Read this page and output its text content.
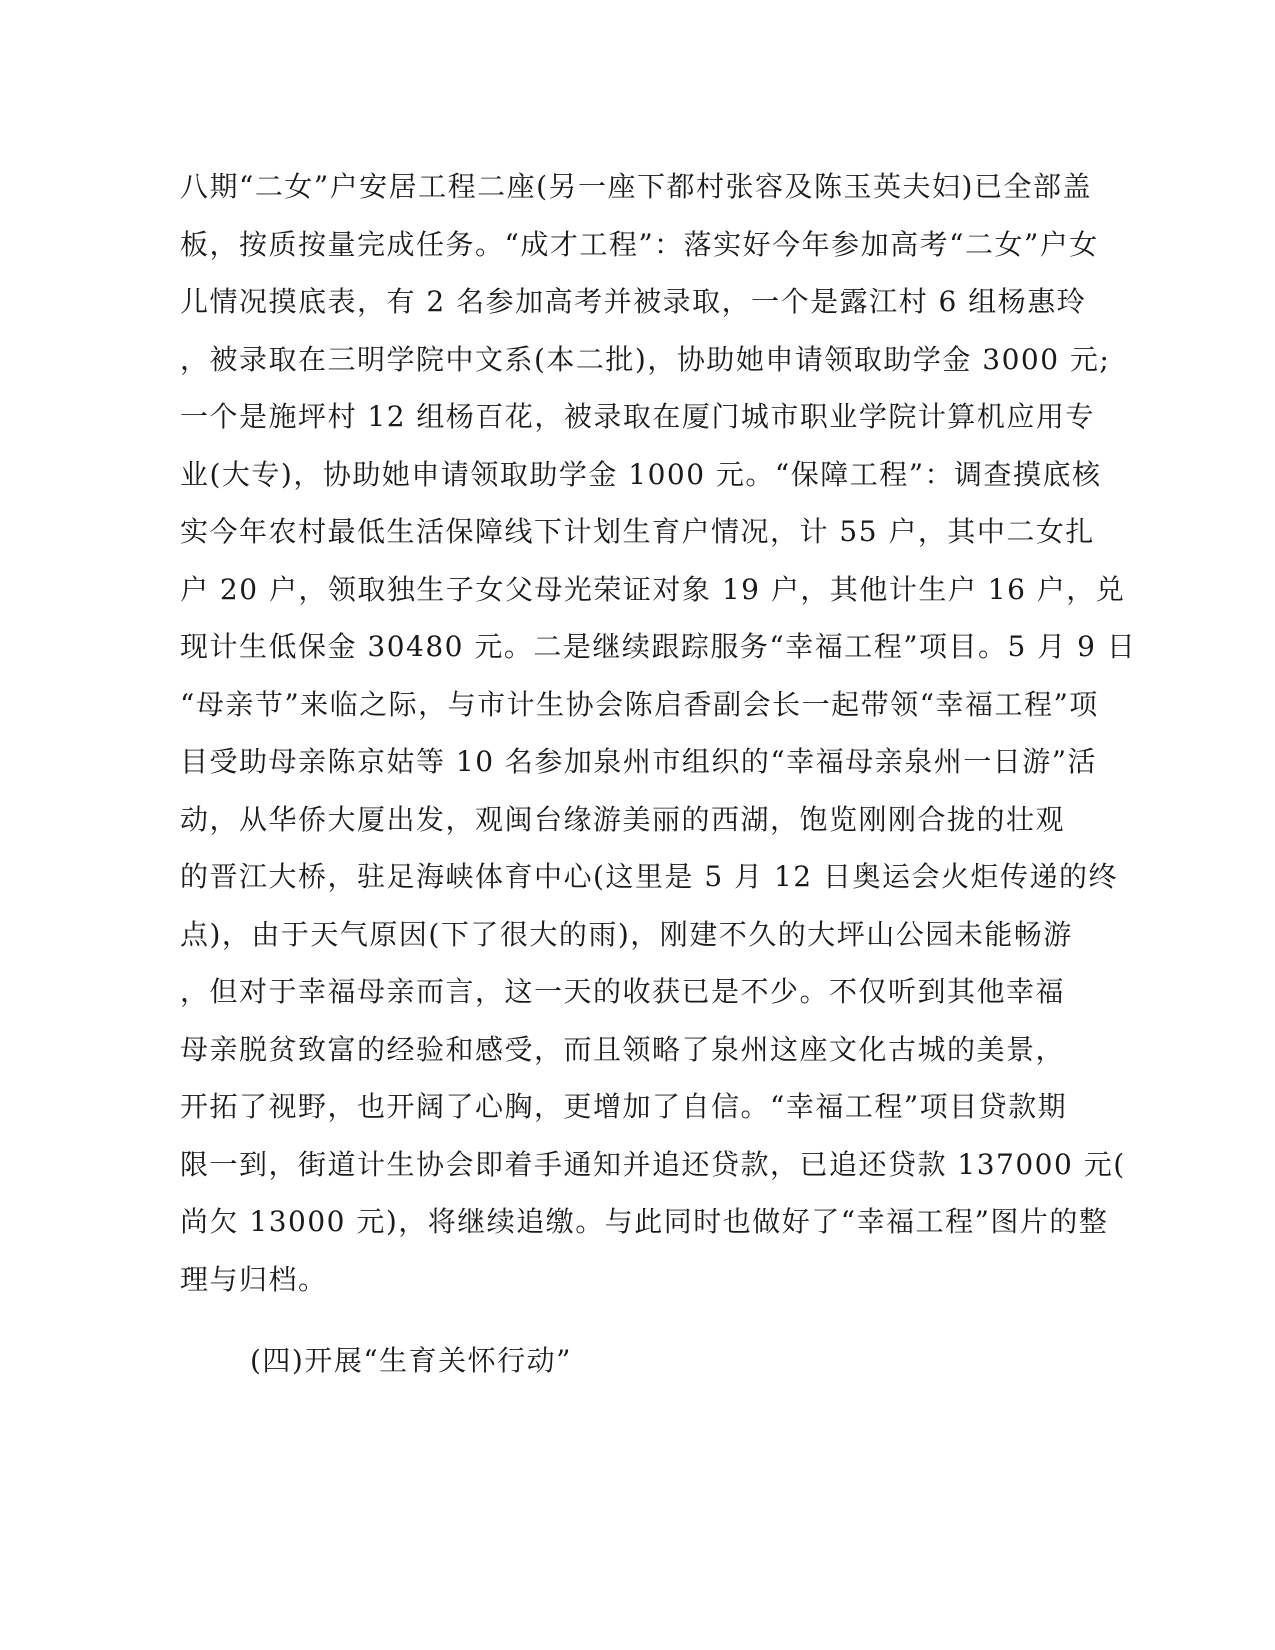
八期“二女”户安居工程二座(另一座下都村张容及陈玉英夫妇)已全部盖
板，按质按量完成任务。“成才工程”：落实好今年参加高考“二女”户女
儿情况摸底表，有 2 名参加高考并被录取，一个是露江村 6 组杨惠玲
，被录取在三明学院中文系(本二批)，协助她申请领取助学金 3000 元;
一个是施坪村 12 组杨百花，被录取在厦门城市职业学院计算机应用专
业(大专)，协助她申请领取助学金 1000 元。“保障工程”：调查摸底核
实今年农村最低生活保障线下计划生育户情况，计 55 户，其中二女扎
户 20 户，领取独生子女父母光荣证对象 19 户，其他计生户 16 户，兑
现计生低保金 30480 元。二是继续跟踪服务“幸福工程”项目。5 月 9 日
“母亲节”来临之际，与市计生协会陈启香副会长一起带领“幸福工程”项
目受助母亲陈京姑等 10 名参加泉州市组织的“幸福母亲泉州一日游”活
动，从华侨大厦出发，观闽台缘游美丽的西湖，饱览刚刚合拢的壮观
的晋江大桥，驻足海峡体育中心(这里是 5 月 12 日奥运会火炬传递的终
点)，由于天气原因(下了很大的雨)，刚建不久的大坪山公园未能畅游
，但对于幸福母亲而言，这一天的收获已是不少。不仅听到其他幸福
母亲脱贫致富的经验和感受，而且领略了泉州这座文化古城的美景，
开拓了视野，也开阔了心胸，更增加了自信。“幸福工程”项目贷款期
限一到，街道计生协会即着手通知并追还贷款，已追还贷款 137000 元(
尚欠 13000 元)，将继续追缴。与此同时也做好了“幸福工程”图片的整
理与归档。
(四)开展“生育关怀行动”
